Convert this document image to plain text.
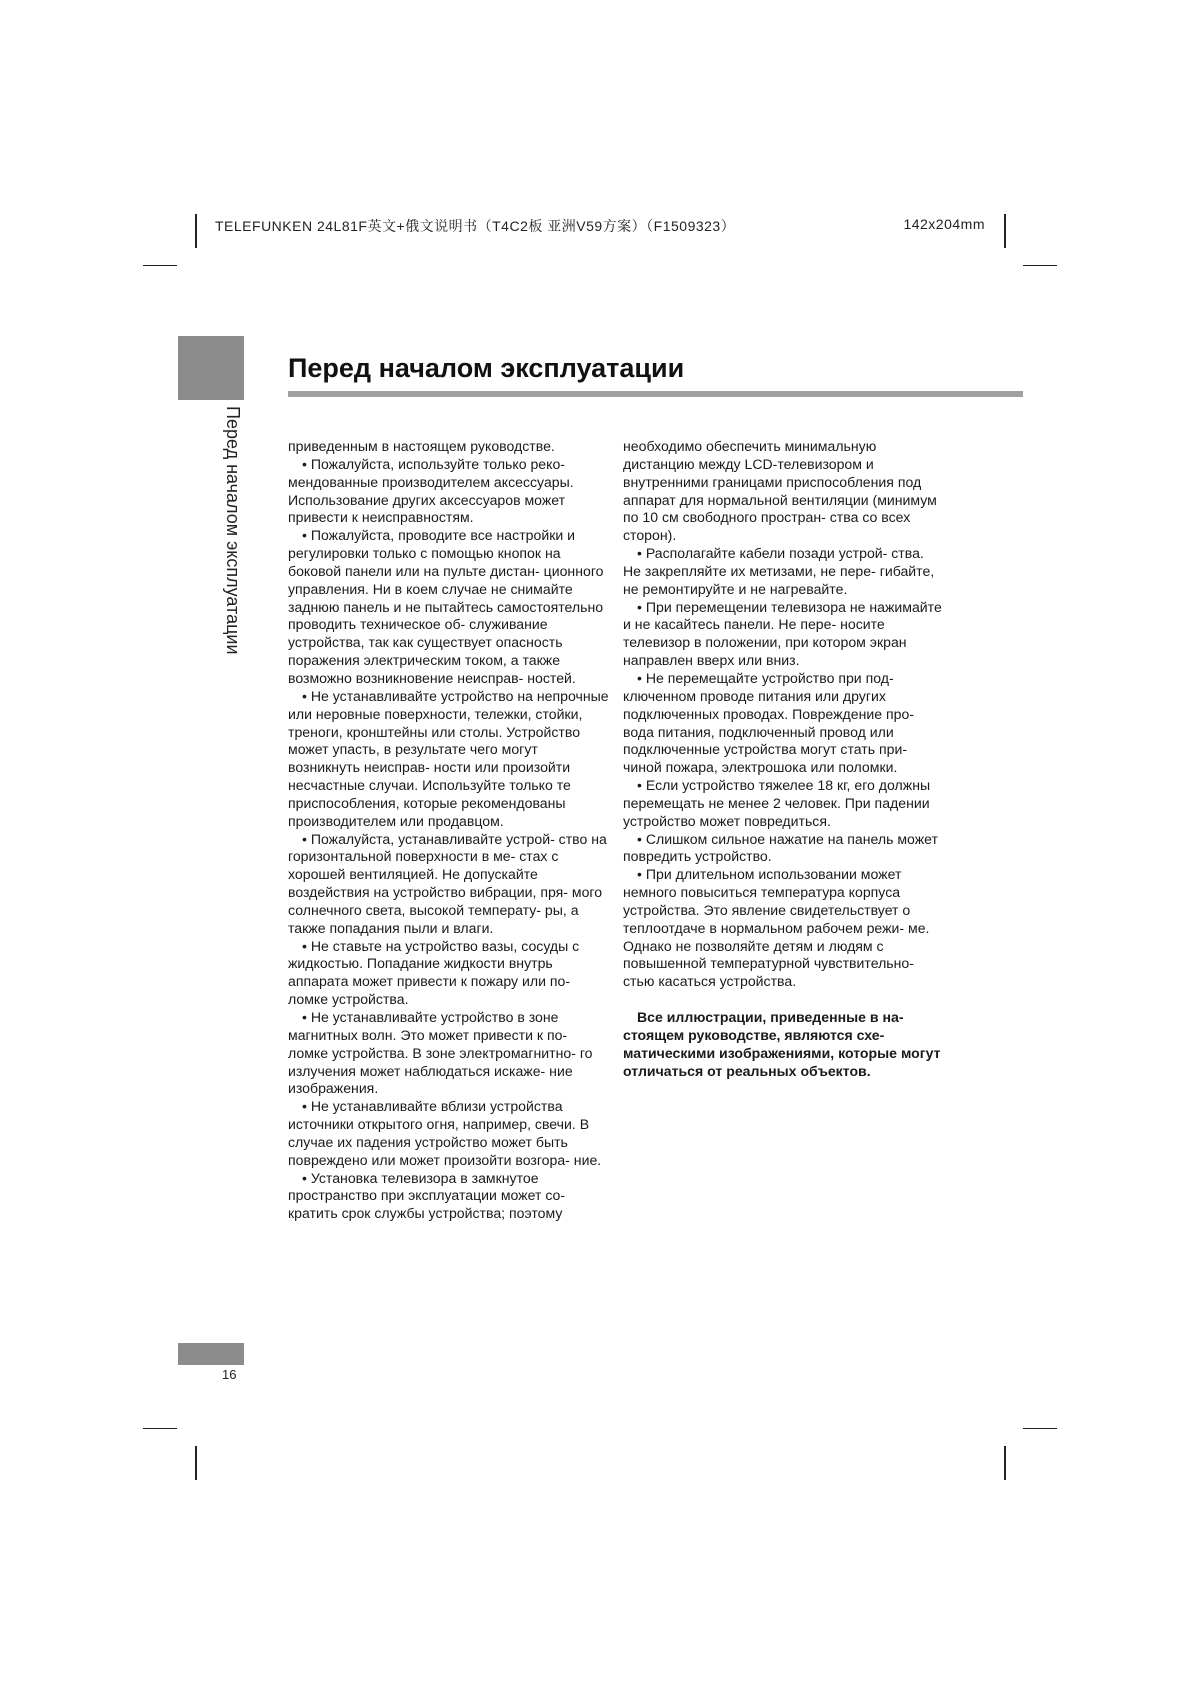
TELEFUNKEN 24L81F英文+俄文说明书（T4C2板 亚洲V59方案）（F1509323）	142x204mm
Перед началом эксплуатации
Перед началом эксплуатации

приведенным в настоящем руководстве.

• Пожалуйста, используйте только реко- мендованные производителем аксессуары. Использование других аксессуаров может привести к неисправностям.

• Пожалуйста, проводите все настройки и регулировки только с помощью кнопок на боковой панели или на пульте дистан- ционного управления. Ни в коем случае не снимайте заднюю панель и не пытайтесь самостоятельно проводить техническое об- служивание устройства, так как существует опасность поражения электрическим током, а также возможно возникновение неисправ- ностей.

• Не устанавливайте устройство на непрочные или неровные поверхности, тележки, стойки, треноги, кронштейны или столы. Устройство может упасть, в результате чего могут возникнуть неисправ- ности или произойти несчастные случаи. Используйте только те приспособления, которые рекомендованы производителем или продавцом.

• Пожалуйста, устанавливайте устрой- ство на горизонтальной поверхности в ме- стах с хорошей вентиляцией. Не допускайте воздействия на устройство вибрации, пря- мого солнечного света, высокой температу- ры, а также попадания пыли и влаги.

• Не ставьте на устройство вазы, сосуды с жидкостью. Попадание жидкости внутрь аппарата может привести к пожару или по- ломке устройства.

• Не устанавливайте устройство в зоне магнитных волн. Это может привести к по- ломке устройства. В зоне электромагнитно- го излучения может наблюдаться искаже- ние изображения.

• Не устанавливайте вблизи устройства источники открытого огня, например, свечи. В случае их падения устройство может быть повреждено или может произойти возгора- ние.

• Установка телевизора в замкнутое пространство при эксплуатации может со- кратить срок службы устройства; поэтому

необходимо обеспечить минимальную дистанцию между LCD-телевизором и внутренними границами приспособления под аппарат для нормальной вентиляции (минимум по 10 см свободного простран- ства со всех сторон).

• Располагайте кабели позади устрой- ства. Не закрепляйте их метизами, не пере- гибайте, не ремонтируйте и не нагревайте.

• При перемещении телевизора не нажимайте и не касайтесь панели. Не пере- носите телевизор в положении, при котором экран направлен вверх или вниз.

• Не перемещайте устройство при под- ключенном проводе питания или других подключенных проводах. Повреждение про- вода питания, подключенный провод или подключенные устройства могут стать при- чиной пожара, электрошока или поломки.

• Если устройство тяжелее 18 кг, его должны перемещать не менее 2 человек. При падении устройство может повредиться.

• Слишком сильное нажатие на панель может повредить устройство.

• При длительном использовании может немного повыситься температура корпуса устройства. Это явление свидетельствует о теплоотдаче в нормальном рабочем режи- ме. Однако не позволяйте детям и людям с повышенной температурной чувствительно- стью касаться устройства.

Все иллюстрации, приведенные в на- стоящем руководстве, являются схе- матическими изображениями, которые могут отличаться от реальных объектов.

16
